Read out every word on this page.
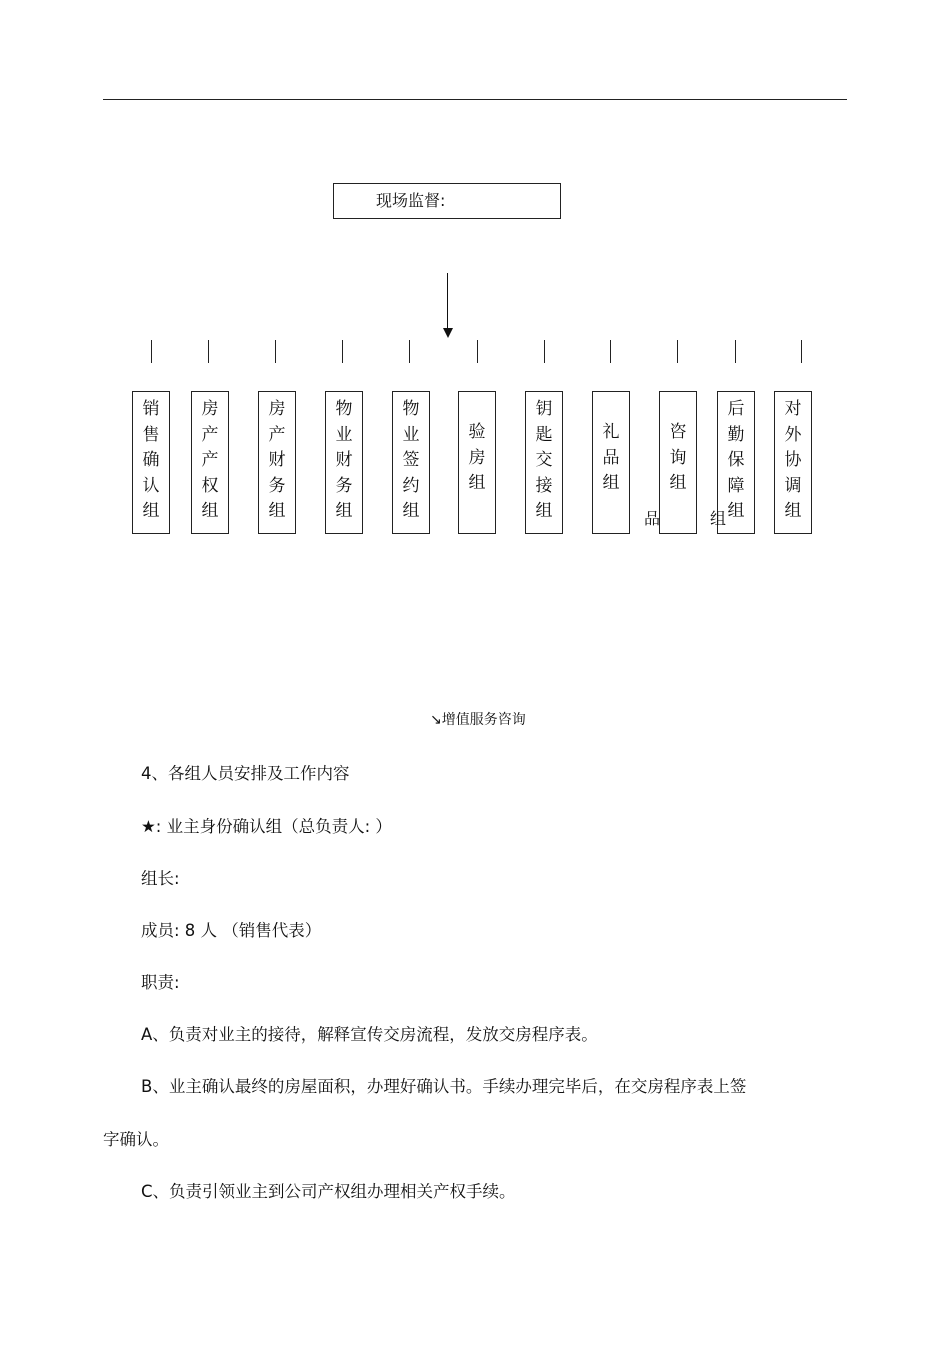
现场监督:
销售确认组
房产产权组
房产财务组
物业财务组
物业签约组
验房组
钥匙交接组
礼品组
咨询组
后勤保障组
对外协调组
品	组
↘增值服务咨询
4、各组人员安排及工作内容
★: 业主身份确认组（总负责人: ）
组长:
成员: 8 人 （销售代表）
职责:
A、负责对业主的接待，解释宣传交房流程，发放交房程序表。
B、业主确认最终的房屋面积，办理好确认书。手续办理完毕后，在交房程序表上签
字确认。
C、负责引领业主到公司产权组办理相关产权手续。
